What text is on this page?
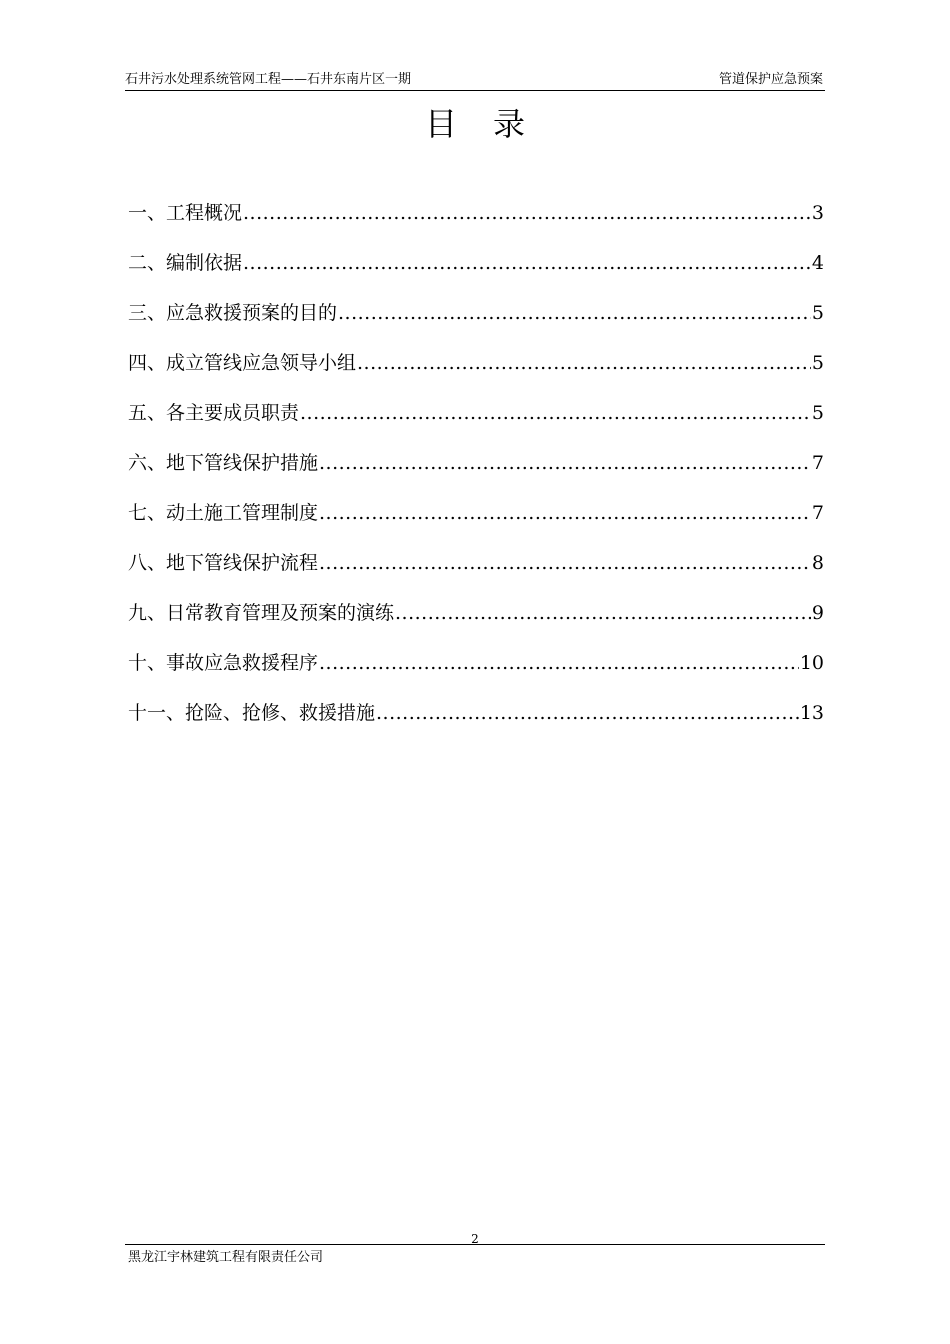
石井污水处理系统管网工程——石井东南片区一期	管道保护应急预案
目录
一、工程概况 .....	3
二、编制依据 .....	4
三、应急救援预案的目的 .....	5
四、成立管线应急领导小组 .....	5
五、各主要成员职责 .....	5
六、地下管线保护措施 .....	7
七、动土施工管理制度 .....	7
八、地下管线保护流程 .....	8
九、日常教育管理及预案的演练 .....	9
十、事故应急救援程序 .....	10
十一、抢险、抢修、救援措施 .....	13
2
黑龙江宇林建筑工程有限责任公司
